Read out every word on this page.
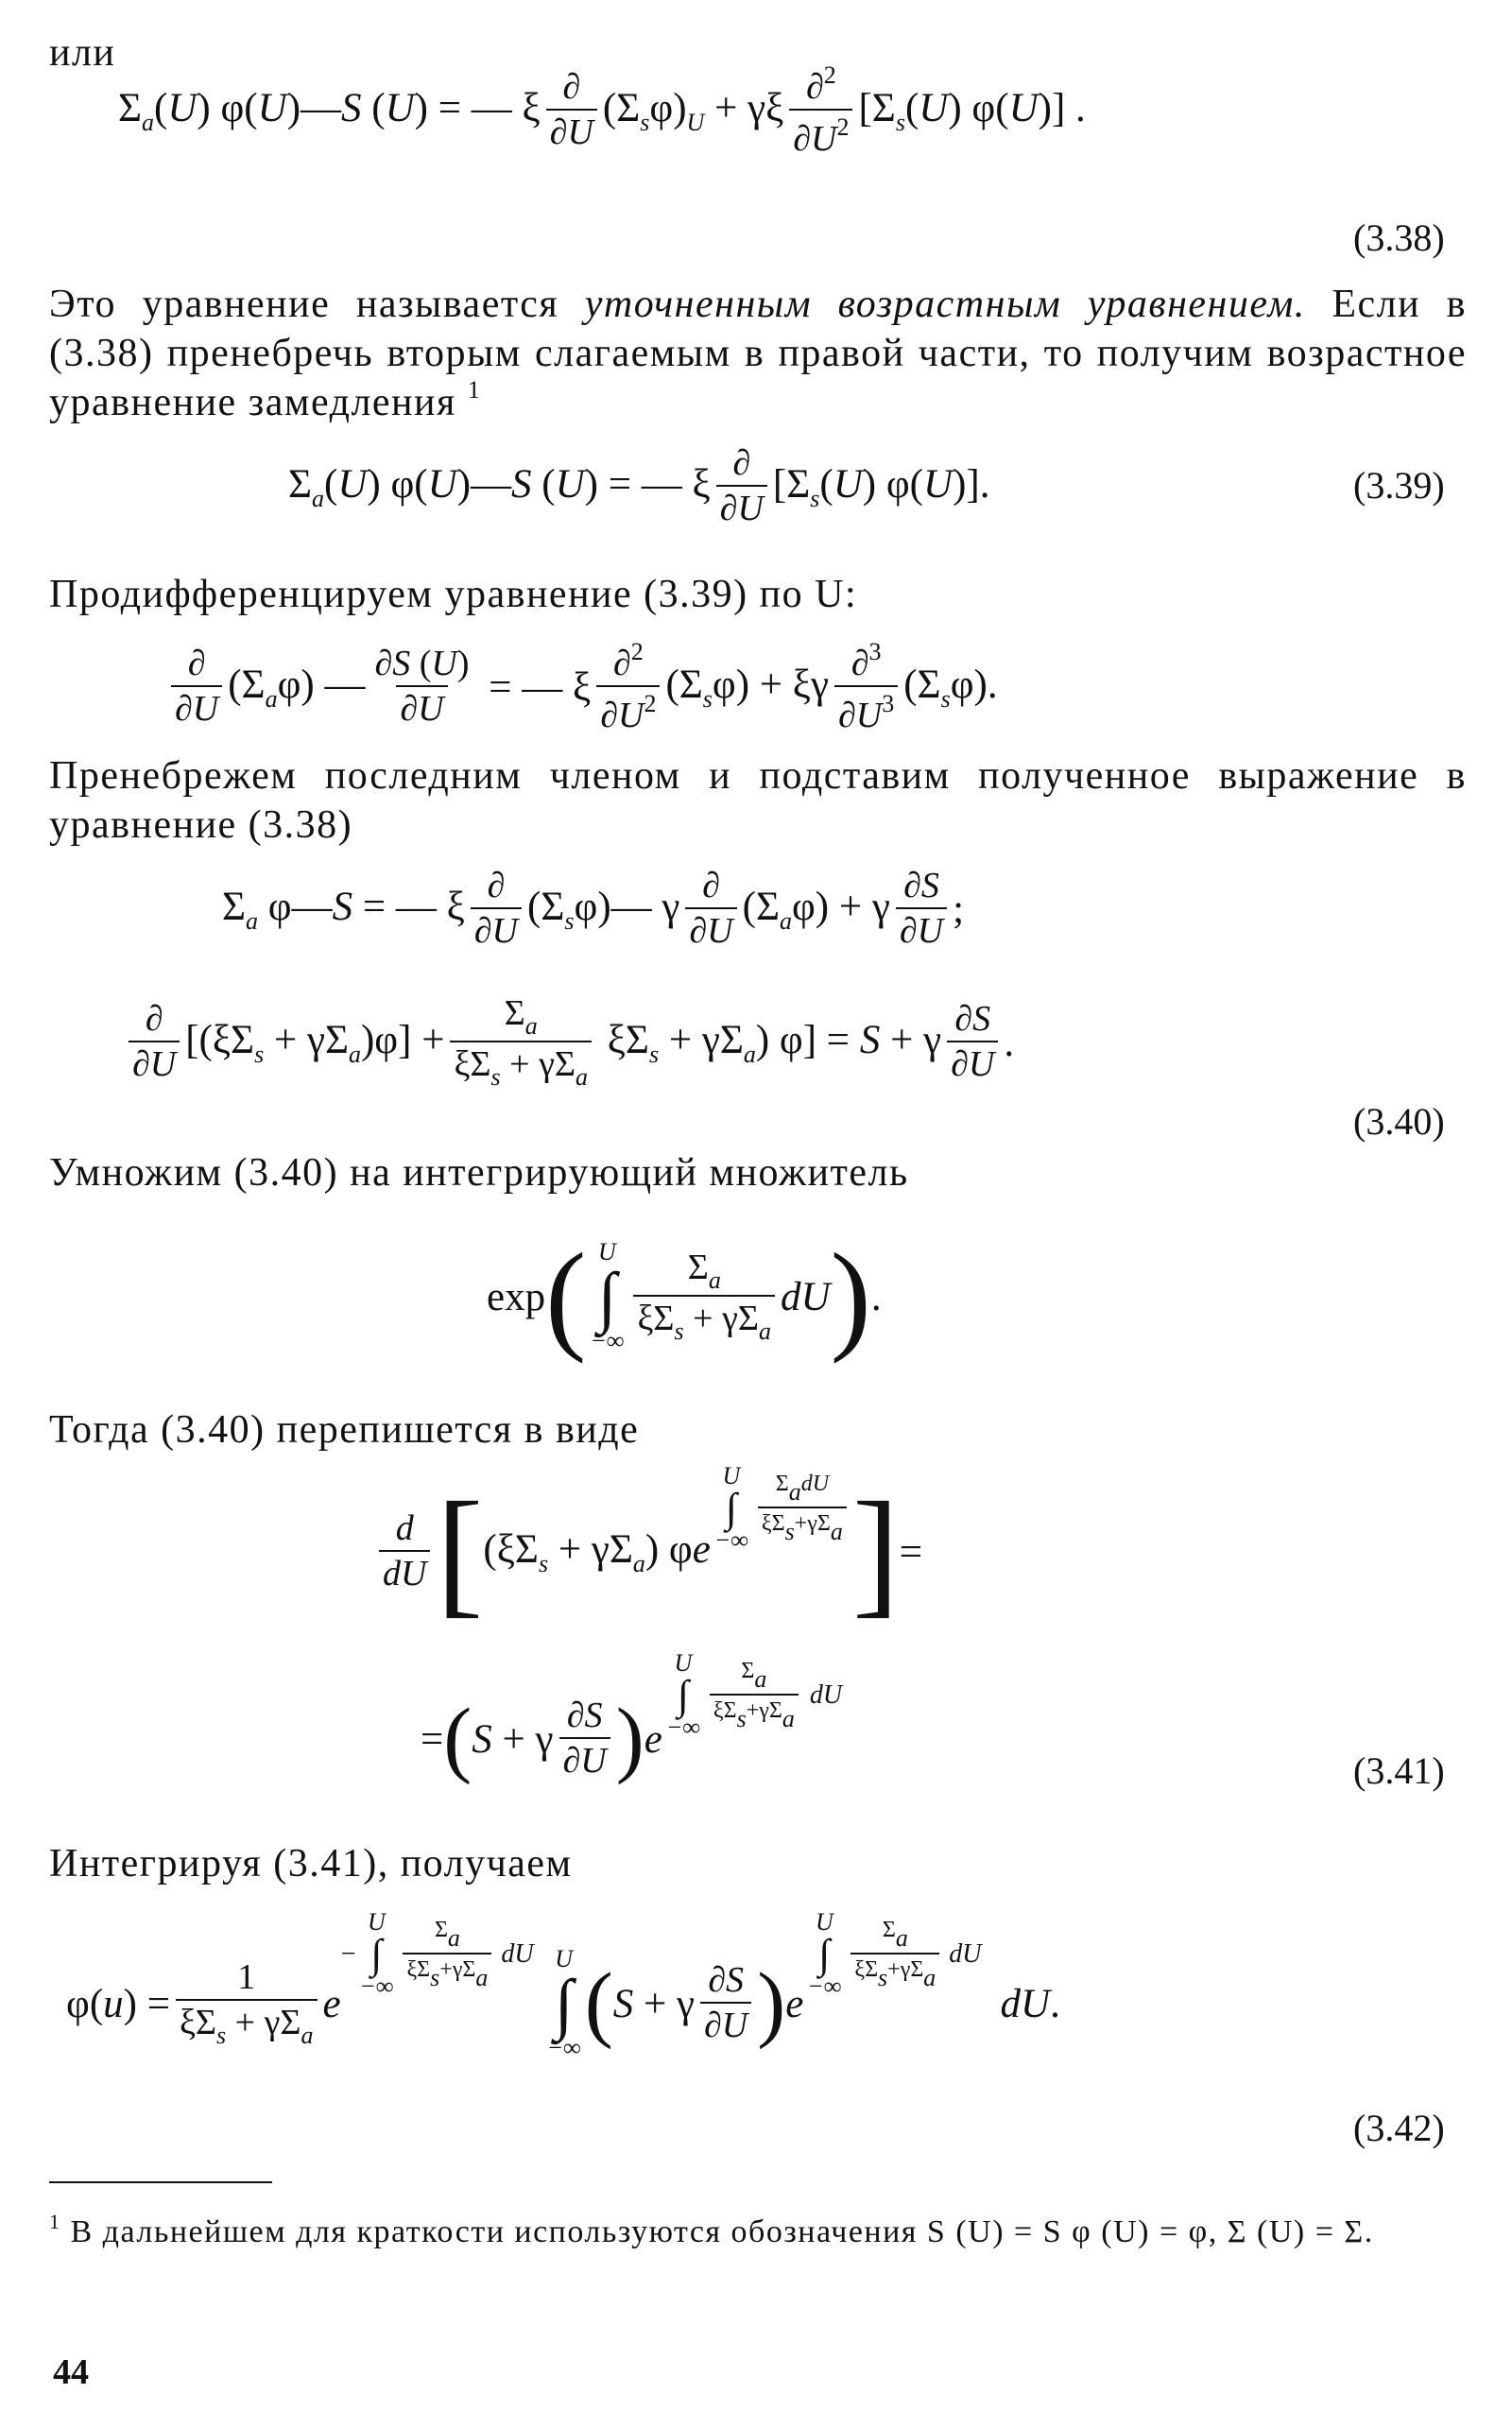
или
$\Sigma_a(U)$ φ(U)—S (U) = — ξ $\frac{\partial}{\partial U} (\Sigma_s\varphi)_U + \gamma\xi \frac{\partial^2}{\partial U^2} [\Sigma_s(U)$ φ(U)] .
(3.38)
Это уравнение называется уточненным возрастным уравнением. Если в (3.38) пренебречь вторым слагаемым в правой части, то получим возрастное уравнение замедления $^1$
$\Sigma_a(U)$ φ(U)—S (U) = — ξ $\frac{\partial}{\partial U} [\Sigma_s(U)$ φ(U)].	(3.39)
Продифференцируем уравнение (3.39) по U:
$\frac{\partial}{\partial U} (\Sigma_a\varphi)$ — $\frac{\partial S (U)}{\partial U}$ = — ξ $\frac{\partial^2}{\partial U^2} (\Sigma_s\varphi) + \xi\gamma \frac{\partial^3}{\partial U^3} (\Sigma_s\varphi)$.
Пренебрежем последним членом и подставим полученное выражение в уравнение (3.38)
$\Sigma_a$ φ—S = — ξ $\frac{\partial}{\partial U}$ $(\Sigma_s\varphi)—$ γ $\frac{\partial}{\partial U} (\Sigma_a\varphi) + \gamma \frac{\partial S}{\partial U}$ ;
$\frac{\partial}{\partial U} [(\xi\Sigma_s + \gamma\Sigma_a)\varphi] + \frac{\Sigma_a}{\xi\Sigma_s + \gamma\Sigma_a} \xi\Sigma_s + \gamma\Sigma_a$) φ] = S + γ $\frac{\partial S}{\partial U}$ .
(3.40)
Умножим (3.40) на интегрирующий множитель
exp ( U
∫
−∞ $\frac{\Sigma_a}{\xi\Sigma_s + \gamma\Sigma_a}$ dU ) .
Тогда (3.40) перепишется в виде
$\frac{d}{dU}$ [ $(\xi\Sigma_s + \gamma\Sigma_a)$ φe
U
∫
−∞ $\frac{\text{ΣadU}}{\text{ξΣs+γΣa}}$ ] =
= ( S + γ $\frac{\partial S}{\partial U}$ ) e
U
∫
−∞ $\frac{\Sigma a}{\text{ξΣs+γΣa}}$ dU
(3.41)
Интегрируя (3.41), получаем
$\varphi(u) = \frac{1}{\xi\Sigma_s + \gamma\Sigma_a}$ e
−
U
∫
−∞ $\frac{\Sigma a}{\text{ξΣs+γΣa}}$ dU U
∫
−∞ ( S + γ $\frac{\partial S}{\partial U}$ ) e
U
∫
−∞ $\frac{\Sigma a}{\text{ξΣs+γΣa}}$ dU
dU.
(3.42)
$^1$ В дальнейшем для краткости используются обозначения S (U) = S φ (U) = φ, Σ (U) = Σ.
44
